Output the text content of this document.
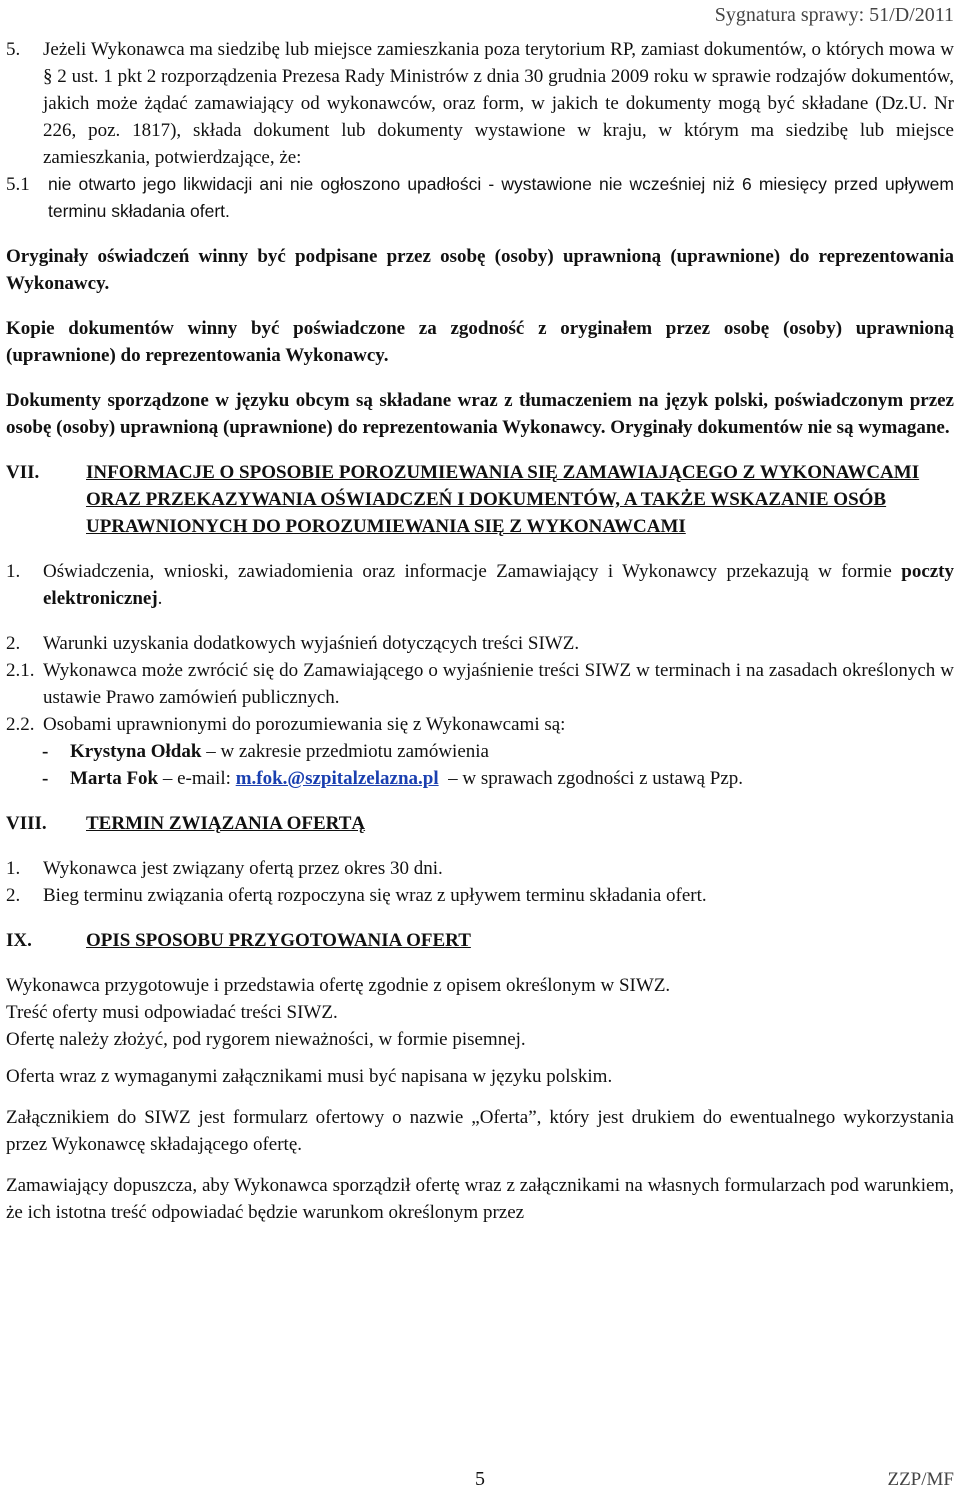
Sygnatura sprawy: 51/D/2011
5. Jeżeli Wykonawca ma siedzibę lub miejsce zamieszkania poza terytorium RP, zamiast dokumentów, o których mowa w § 2 ust. 1 pkt 2 rozporządzenia Prezesa Rady Ministrów z dnia 30 grudnia 2009 roku w sprawie rodzajów dokumentów, jakich może żądać zamawiający od wykonawców, oraz form, w jakich te dokumenty mogą być składane (Dz.U. Nr 226, poz. 1817), składa dokument lub dokumenty wystawione w kraju, w którym ma siedzibę lub miejsce zamieszkania, potwierdzające, że:
5.1 nie otwarto jego likwidacji ani nie ogłoszono upadłości - wystawione nie wcześniej niż 6 miesięcy przed upływem terminu składania ofert.

Oryginały oświadczeń winny być podpisane przez osobę (osoby) uprawnioną (uprawnione) do reprezentowania Wykonawcy.

Kopie dokumentów winny być poświadczone za zgodność z oryginałem przez osobę (osoby) uprawnioną (uprawnione) do reprezentowania Wykonawcy.

Dokumenty sporządzone w języku obcym są składane wraz z tłumaczeniem na język polski, poświadczonym przez osobę (osoby) uprawnioną (uprawnione) do reprezentowania Wykonawcy. Oryginały dokumentów nie są wymagane.

VII. INFORMACJE O SPOSOBIE POROZUMIEWANIA SIĘ ZAMAWIAJĄCEGO Z WYKONAWCAMI ORAZ PRZEKAZYWANIA OŚWIADCZEŃ I DOKUMENTÓW, A TAKŻE WSKAZANIE OSÓB UPRAWNIONYCH DO POROZUMIEWANIA SIĘ Z WYKONAWCAMI
1. Oświadczenia, wnioski, zawiadomienia oraz informacje Zamawiający i Wykonawcy przekazują w formie poczty elektronicznej.
2. Warunki uzyskania dodatkowych wyjaśnień dotyczących treści SIWZ.
2.1. Wykonawca może zwrócić się do Zamawiającego o wyjaśnienie treści SIWZ w terminach i na zasadach określonych w ustawie Prawo zamówień publicznych.
2.2. Osobami uprawnionymi do porozumiewania się z Wykonawcami są:
- Krystyna Ołdak – w zakresie przedmiotu zamówienia
- Marta Fok – e-mail: m.fok.@szpitalzelazna.pl – w sprawach zgodności z ustawą Pzp.
VIII. TERMIN ZWIĄZANIA OFERTĄ
1. Wykonawca jest związany ofertą przez okres 30 dni.
2. Bieg terminu związania ofertą rozpoczyna się wraz z upływem terminu składania ofert.
IX.	OPIS SPOSOBU PRZYGOTOWANIA OFERT

Wykonawca przygotowuje i przedstawia ofertę zgodnie z opisem określonym w SIWZ.

Treść oferty musi odpowiadać treści SIWZ.

Ofertę należy złożyć, pod rygorem nieważności, w formie pisemnej.

Oferta wraz z wymaganymi załącznikami musi być napisana w języku polskim.

Załącznikiem do SIWZ jest formularz ofertowy o nazwie „Oferta”, który jest drukiem do ewentualnego wykorzystania przez Wykonawcę składającego ofertę.

Zamawiający dopuszcza, aby Wykonawca sporządził ofertę wraz z załącznikami na własnych formularzach pod warunkiem, że ich istotna treść odpowiadać będzie warunkom określonym przez

5	ZZP/MF
